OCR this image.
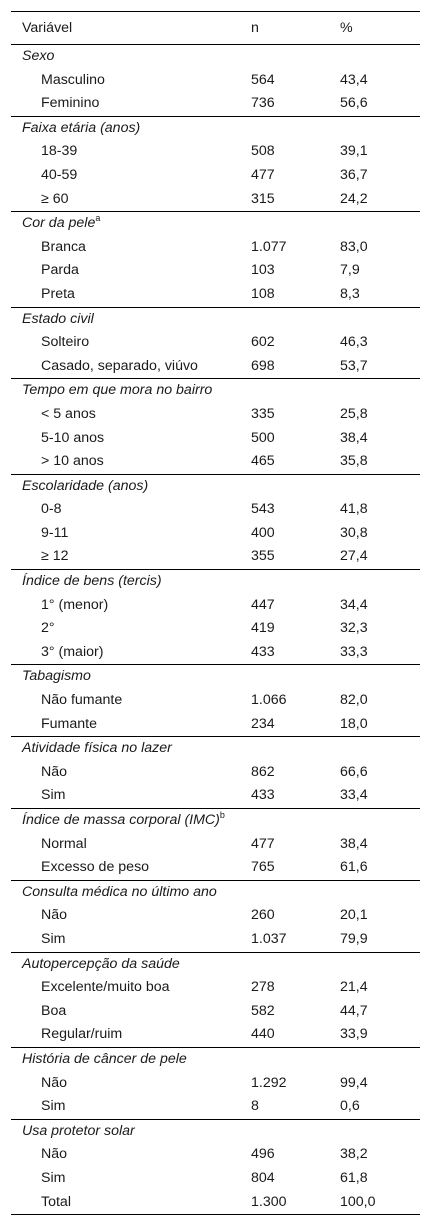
Variável	n	%
Sexo
Masculino	564	43,4
Feminino	736	56,6
Faixa etária (anos)
18-39	508	39,1
40-59	477	36,7
≥ 60	315	24,2
Cor da pele$^a$
Branca	1.077	83,0
Parda	103	7,9
Preta	108	8,3
Estado civil
Solteiro	602	46,3
Casado, separado, viúvo	698	53,7
Tempo em que mora no bairro
< 5 anos	335	25,8
5-10 anos	500	38,4
> 10 anos	465	35,8
Escolaridade (anos)
0-8	543	41,8
9-11	400	30,8
≥ 12	355	27,4
Índice de bens (tercis)
1° (menor)	447	34,4
2°	419	32,3
3° (maior)	433	33,3
Tabagismo
Não fumante	1.066	82,0
Fumante	234	18,0
Atividade física no lazer
Não	862	66,6
Sim	433	33,4
Índice de massa corporal (IMC)$^b$
Normal	477	38,4
Excesso de peso	765	61,6
Consulta médica no último ano
Não	260	20,1
Sim	1.037	79,9
Autopercepção da saúde
Excelente/muito boa	278	21,4
Boa	582	44,7
Regular/ruim	440	33,9
História de câncer de pele
Não	1.292	99,4
Sim	8	0,6
Usa protetor solar
Não	496	38,2
Sim	804	61,8
Total	1.300	100,0
